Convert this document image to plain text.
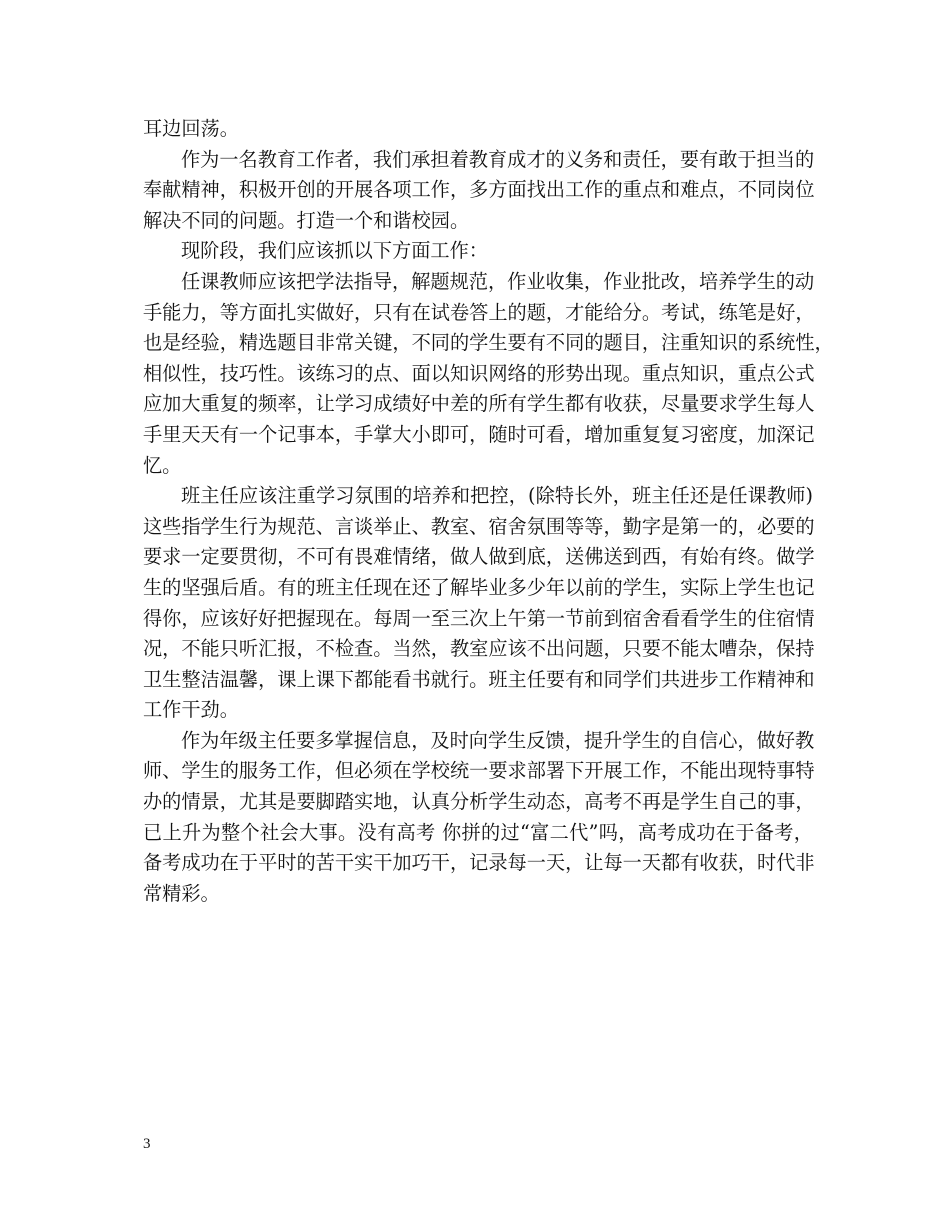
耳边回荡。
作为一名教育工作者，我们承担着教育成才的义务和责任，要有敢于担当的
奉献精神，积极开创的开展各项工作，多方面找出工作的重点和难点，不同岗位
解决不同的问题。打造一个和谐校园。
现阶段，我们应该抓以下方面工作：
任课教师应该把学法指导，解题规范，作业收集，作业批改，培养学生的动
手能力，等方面扎实做好，只有在试卷答上的题，才能给分。考试，练笔是好，
也是经验，精选题目非常关键，不同的学生要有不同的题目，注重知识的系统性，
相似性，技巧性。该练习的点、面以知识网络的形势出现。重点知识，重点公式
应加大重复的频率，让学习成绩好中差的所有学生都有收获，尽量要求学生每人
手里天天有一个记事本，手掌大小即可，随时可看，增加重复复习密度，加深记
忆。
班主任应该注重学习氛围的培养和把控，(除特长外，班主任还是任课教师)
这些指学生行为规范、言谈举止、教室、宿舍氛围等等，勤字是第一的，必要的
要求一定要贯彻，不可有畏难情绪，做人做到底，送佛送到西，有始有终。做学
生的坚强后盾。有的班主任现在还了解毕业多少年以前的学生，实际上学生也记
得你，应该好好把握现在。每周一至三次上午第一节前到宿舍看看学生的住宿情
况，不能只听汇报，不检查。当然，教室应该不出问题，只要不能太嘈杂，保持
卫生整洁温馨，课上课下都能看书就行。班主任要有和同学们共进步工作精神和
工作干劲。
作为年级主任要多掌握信息，及时向学生反馈，提升学生的自信心，做好教
师、学生的服务工作，但必须在学校统一要求部署下开展工作，不能出现特事特
办的情景，尤其是要脚踏实地，认真分析学生动态，高考不再是学生自己的事，
已上升为整个社会大事。没有高考 你拼的过“富二代”吗，高考成功在于备考，
备考成功在于平时的苦干实干加巧干，记录每一天，让每一天都有收获，时代非
常精彩。
3
